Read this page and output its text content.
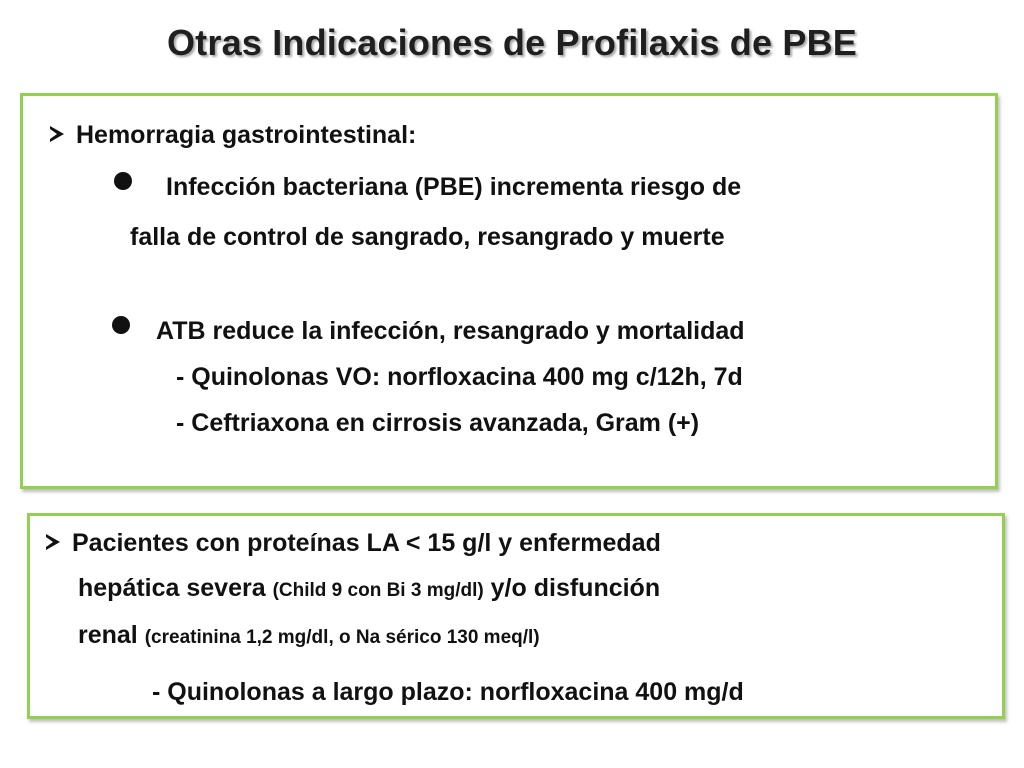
Otras Indicaciones de Profilaxis de PBE
Hemorragia gastrointestinal:
Infección bacteriana (PBE) incrementa riesgo de
falla de control de sangrado, resangrado y muerte
ATB reduce la infección, resangrado y mortalidad
- Quinolonas VO: norfloxacina 400 mg c/12h, 7d
- Ceftriaxona en cirrosis avanzada, Gram (+)
Pacientes con proteínas LA < 15 g/l y enfermedad
hepática severa (Child 9 con Bi 3 mg/dl) y/o disfunción
renal (creatinina 1,2 mg/dl, o Na sérico 130 meq/l)
- Quinolonas a largo plazo: norfloxacina 400 mg/d
